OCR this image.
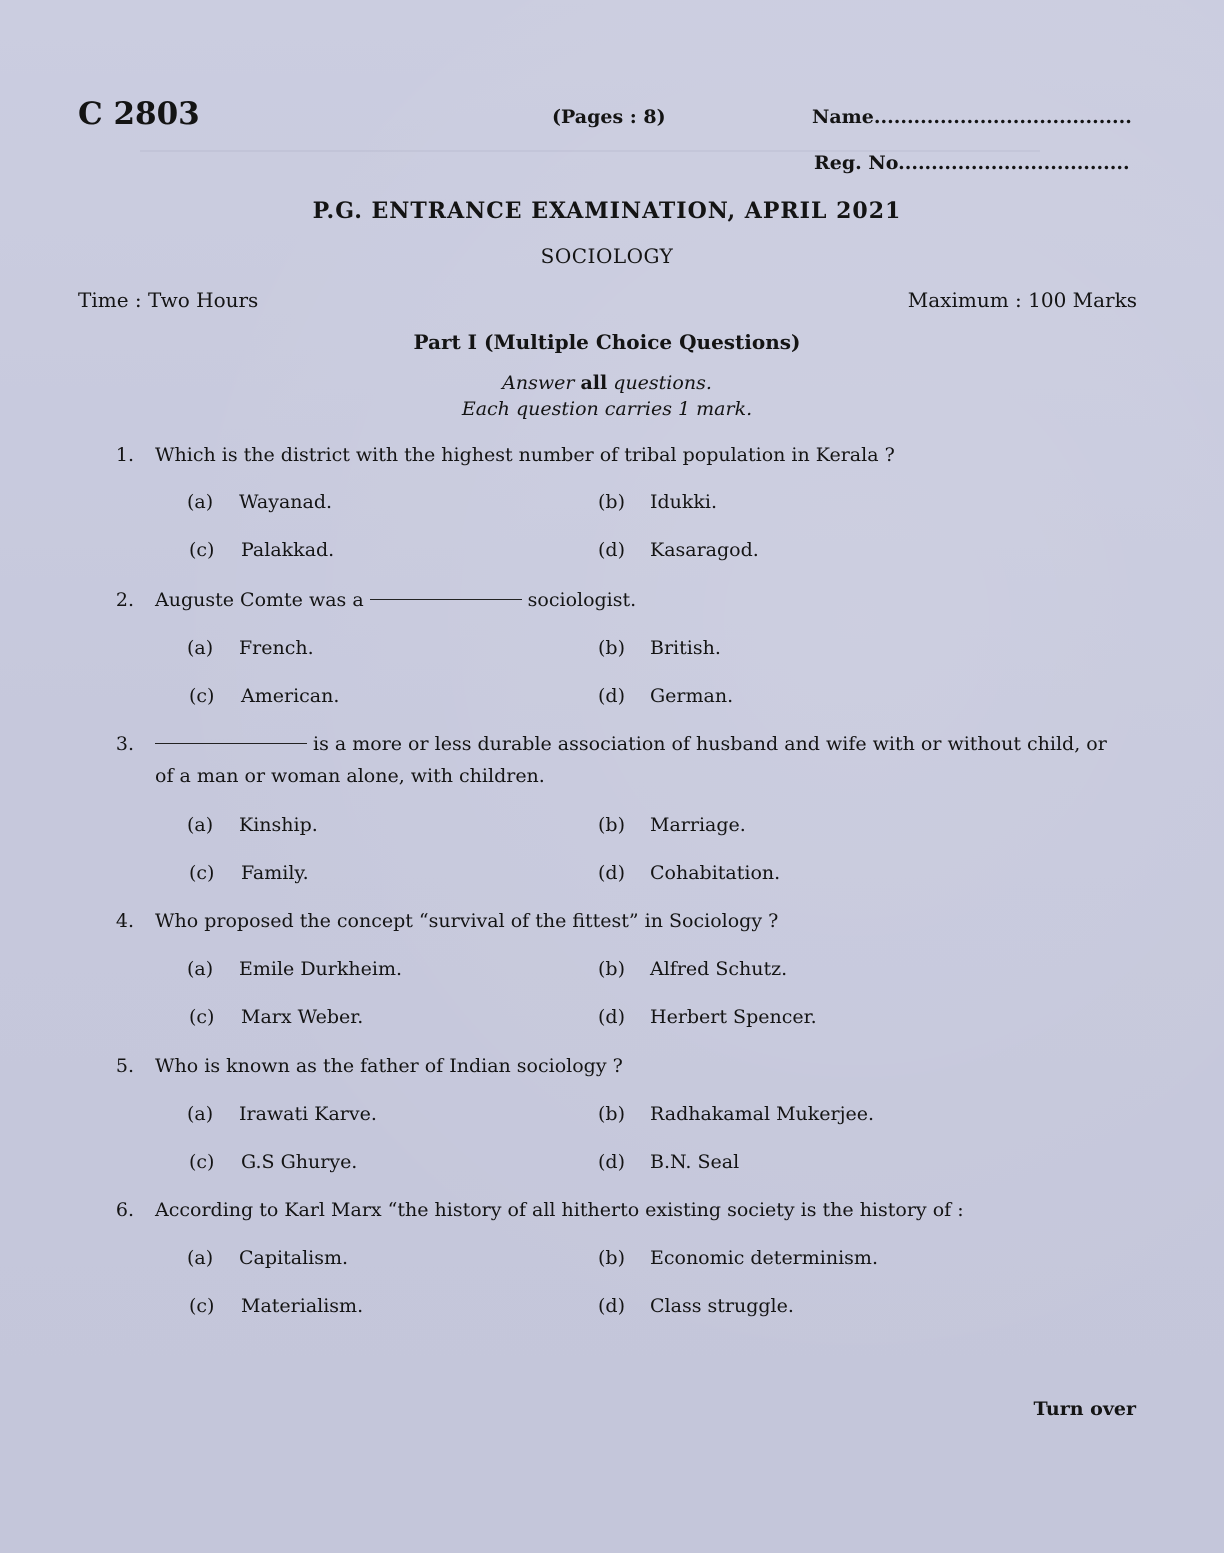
C 2803	(Pages : 8)	Name.......................................
Reg. No...................................
P.G. ENTRANCE EXAMINATION, APRIL 2021
SOCIOLOGY
Time : Two Hours	Maximum : 100 Marks
Part I (Multiple Choice Questions)
Answer all questions.
Each question carries 1 mark.
1. Which is the district with the highest number of tribal population in Kerala ?
(a) Wayanad.	(b) Idukki.
(c) Palakkad.	(d) Kasaragod.
2. Auguste Comte was a	sociologist.
(a) French.	(b) British.
(c) American.	(d) German.
3.	is a more or less durable association of husband and wife with or without child, or
of a man or woman alone, with children.
(a) Kinship.	(b) Marriage.
(c) Family.	(d) Cohabitation.
4. Who proposed the concept “survival of the fittest” in Sociology ?
(a) Emile Durkheim.	(b) Alfred Schutz.
(c) Marx Weber.	(d) Herbert Spencer.
5. Who is known as the father of Indian sociology ?
(a) Irawati Karve.	(b) Radhakamal Mukerjee.
(c) G.S Ghurye.	(d) B.N. Seal
6. According to Karl Marx “the history of all hitherto existing society is the history of :
(a) Capitalism.	(b) Economic determinism.
(c) Materialism.	(d) Class struggle.
Turn over
